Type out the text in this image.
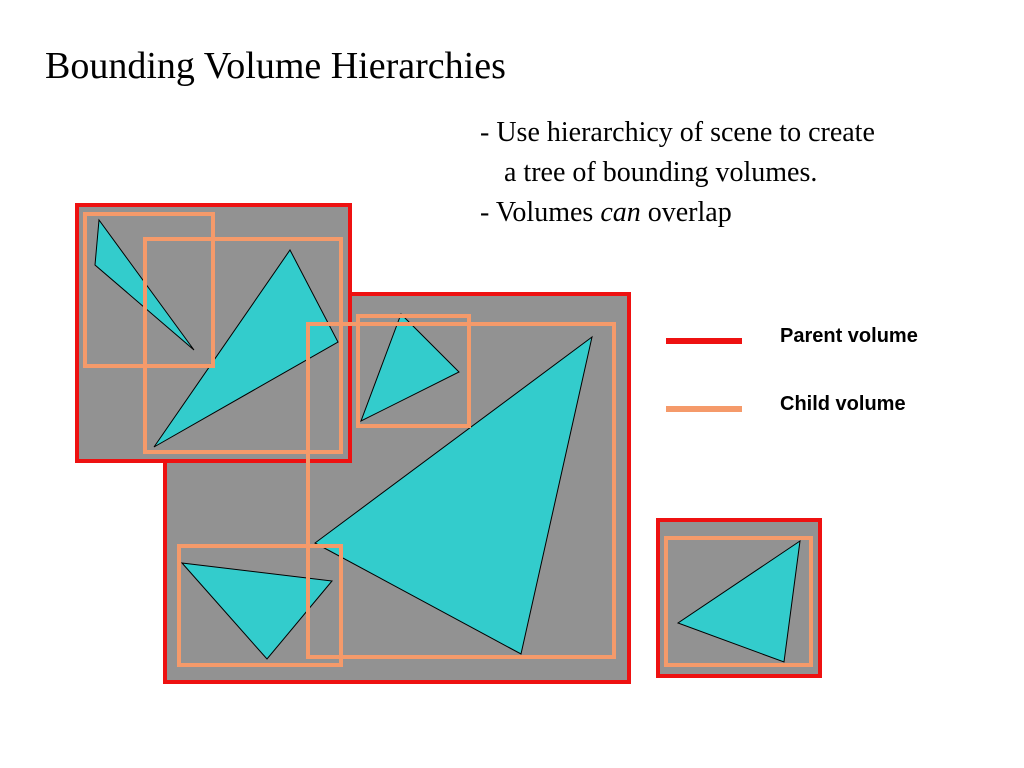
Bounding Volume Hierarchies
- Use hierarchicy of scene to create
a tree of bounding volumes.
- Volumes can overlap
Parent volume
Child volume
